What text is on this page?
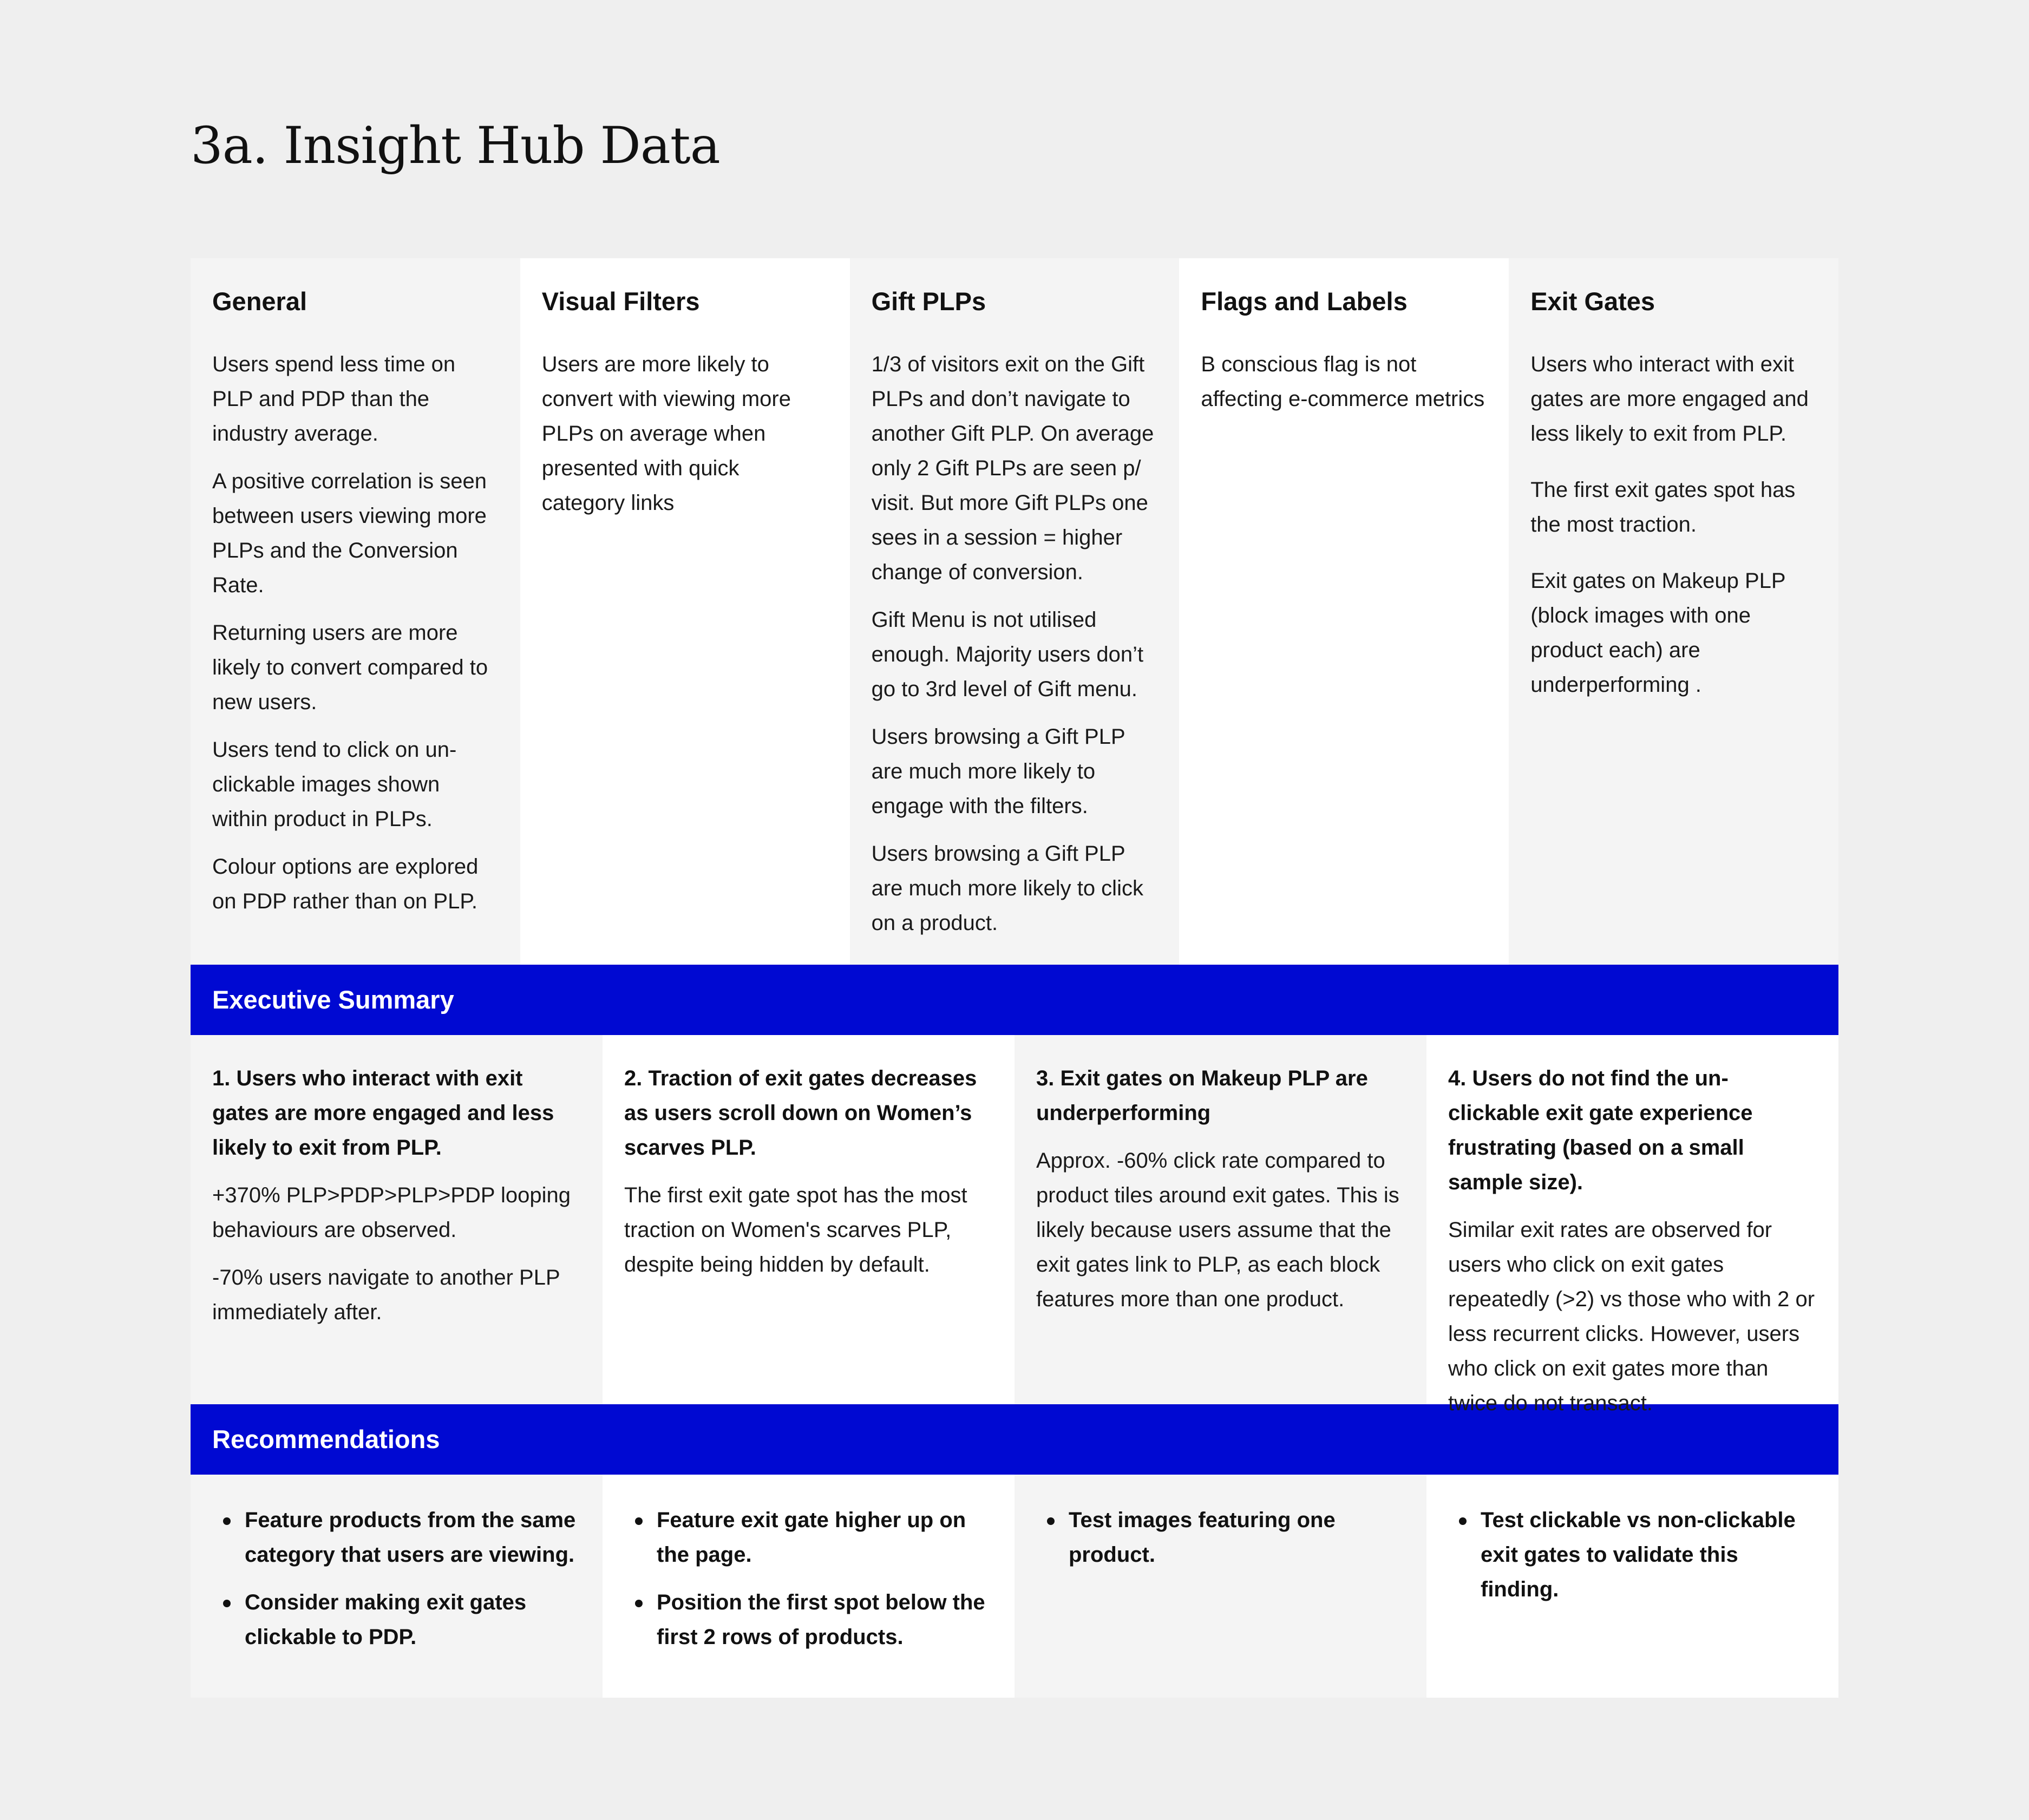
3a. Insight Hub Data
General

Users spend less time on PLP and PDP than the industry average.

A positive correlation is seen between users viewing more PLPs and the Conversion Rate.

Returning users are more likely to convert compared to new users.

Users tend to click on un-clickable images shown within product in PLPs.

Colour options are explored on PDP rather than on PLP.

Visual Filters

Users are more likely to convert with viewing more PLPs on average when presented with quick category links

Gift PLPs

1/3 of visitors exit on the Gift PLPs and don’t navigate to another Gift PLP. On average only 2 Gift PLPs are seen p/ visit. But more Gift PLPs one sees in a session = higher change of conversion.

Gift Menu is not utilised enough. Majority users don’t go to 3rd level of Gift menu.

Users browsing a Gift PLP are much more likely to engage with the filters.

Users browsing a Gift PLP are much more likely to click on a product.

Flags and Labels

B conscious flag is not affecting e-commerce metrics

Exit Gates

Users who interact with exit gates are more engaged and less likely to exit from PLP.

The first exit gates spot has the most traction.

Exit gates on Makeup PLP (block images with one product each) are underperforming .

Executive Summary
1. Users who interact with exit gates are more engaged and less likely to exit from PLP.

+370% PLP>PDP>PLP>PDP looping behaviours are observed.

-70% users navigate to another PLP immediately after.

2. Traction of exit gates decreases as users scroll down on Women’s scarves PLP.

The first exit gate spot has the most traction on Women's scarves PLP, despite being hidden by default.

3. Exit gates on Makeup PLP are underperforming

Approx. -60% click rate compared to product tiles around exit gates. This is likely because users assume that the exit gates link to PLP, as each block features more than one product.

4. Users do not find the un-clickable exit gate experience frustrating (based on a small sample size).

Similar exit rates are observed for users who click on exit gates repeatedly (>2) vs those who with 2 or less recurrent clicks. However, users who click on exit gates more than twice do not transact.

Recommendations
Feature products from the same category that users are viewing.
Consider making exit gates clickable to PDP.
Feature exit gate higher up on the page.
Position the first spot below the first 2 rows of products.
Test images featuring one product.
Test clickable vs non-clickable exit gates to validate this finding.
